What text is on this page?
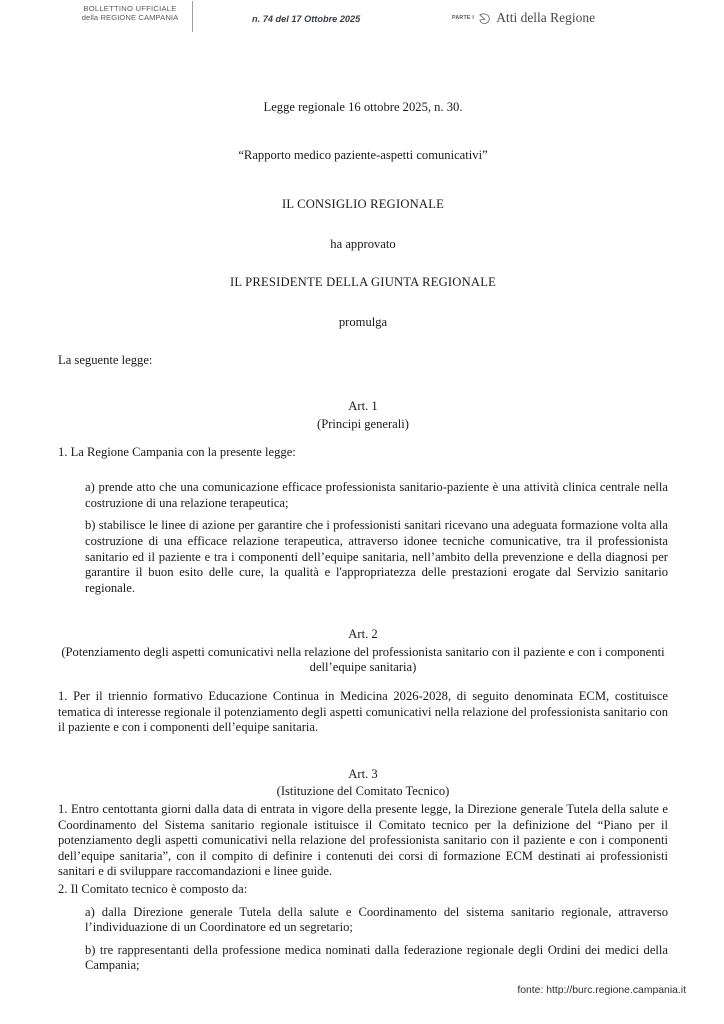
BOLLETTINO UFFICIALE
della REGIONE CAMPANIA	n. 74 del 17 Ottobre 2025	PARTE I Atti della Regione

Legge regionale 16 ottobre 2025, n. 30.

“Rapporto medico paziente-aspetti comunicativi”

IL CONSIGLIO REGIONALE

ha approvato

IL PRESIDENTE DELLA GIUNTA REGIONALE

promulga

La seguente legge:

Art. 1

(Principi generali)

1. La Regione Campania con la presente legge:

a) prende atto che una comunicazione efficace professionista sanitario-paziente è una attività clinica centrale nella costruzione di una relazione terapeutica;

b) stabilisce le linee di azione per garantire che i professionisti sanitari ricevano una adeguata formazione volta alla costruzione di una efficace relazione terapeutica, attraverso idonee tecniche comunicative, tra il professionista sanitario ed il paziente e tra i componenti dell’equipe sanitaria, nell’ambito della prevenzione e della diagnosi per garantire il buon esito delle cure, la qualità e l'appropriatezza delle prestazioni erogate dal Servizio sanitario regionale.

Art. 2

(Potenziamento degli aspetti comunicativi nella relazione del professionista sanitario con il paziente e con i componenti dell’equipe sanitaria)

1. Per il triennio formativo Educazione Continua in Medicina 2026-2028, di seguito denominata ECM, costituisce tematica di interesse regionale il potenziamento degli aspetti comunicativi nella relazione del professionista sanitario con il paziente e con i componenti dell’equipe sanitaria.

Art. 3

(Istituzione del Comitato Tecnico)

1. Entro centottanta giorni dalla data di entrata in vigore della presente legge, la Direzione generale Tutela della salute e Coordinamento del Sistema sanitario regionale istituisce il Comitato tecnico per la definizione del “Piano per il potenziamento degli aspetti comunicativi nella relazione del professionista sanitario con il paziente e con i componenti dell’equipe sanitaria”, con il compito di definire i contenuti dei corsi di formazione ECM destinati ai professionisti sanitari e di sviluppare raccomandazioni e linee guide.

2. Il Comitato tecnico è composto da:

a) dalla Direzione generale Tutela della salute e Coordinamento del sistema sanitario regionale, attraverso l’individuazione di un Coordinatore ed un segretario;

b) tre rappresentanti della professione medica nominati dalla federazione regionale degli Ordini dei medici della Campania;

fonte: http://burc.regione.campania.it
